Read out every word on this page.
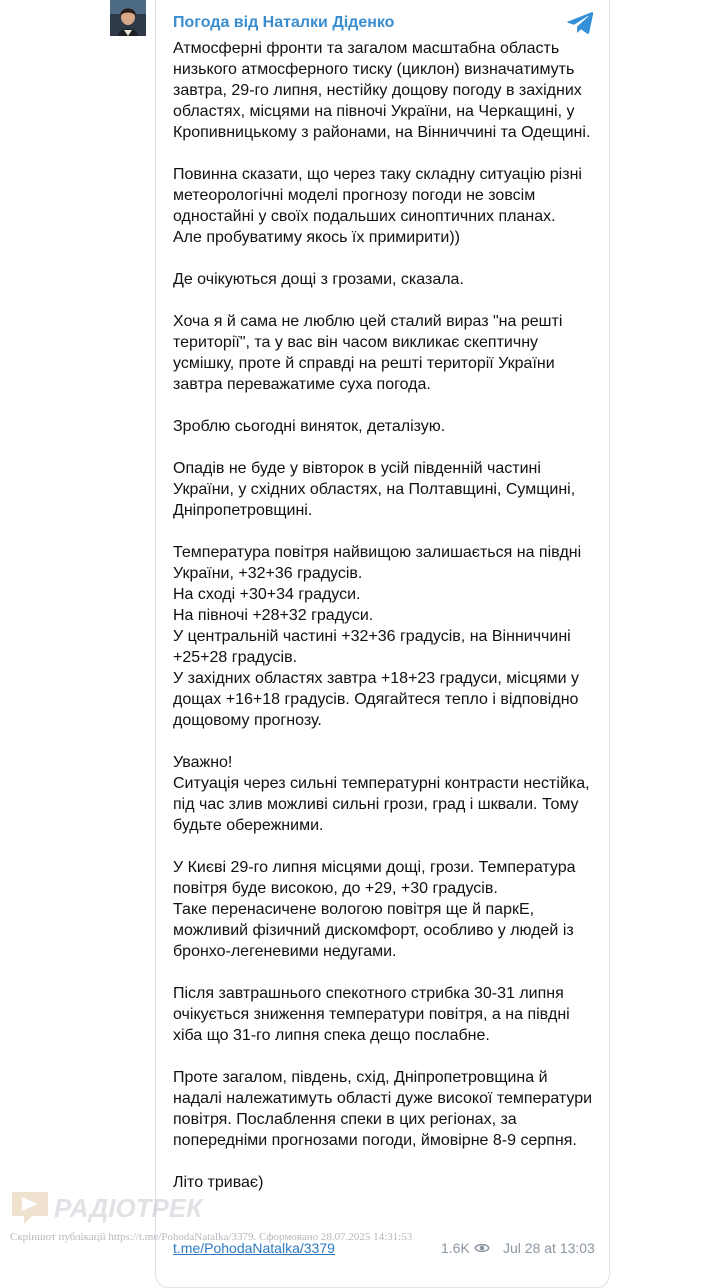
Погода від Наталки Діденко

Атмосферні фронти та загалом масштабна область низького атмосферного тиску (циклон) визначатимуть завтра, 29-го липня, нестійку дощову погоду в західних областях, місцями на півночі України, на Черкащині, у Кропивницькому з районами, на Вінниччині та Одещині.

Повинна сказати, що через таку складну ситуацію різні метеорологічні моделі прогнозу погоди не зовсім одностайні у своїх подальших синоптичних планах.
Але пробуватиму якось їх примирити))

Де очікуються дощі з грозами, сказала.

Хоча я й сама не люблю цей сталий вираз "на решті території", та у вас він часом викликає скептичну усмішку, проте й справді на решті території України завтра переважатиме суха погода.

Зроблю сьогодні виняток, деталізую.

Опадів не буде у вівторок в усій південній частині України, у східних областях, на Полтавщині, Сумщині, Дніпропетровщині.

Температура повітря найвищою залишається на півдні України, +32+36 градусів.
На сході +30+34 градуси.
На півночі +28+32 градуси.
У центральній частині +32+36 градусів, на Вінниччині +25+28 градусів.
У західних областях завтра +18+23 градуси, місцями у дощах +16+18 градусів. Одягайтеся тепло і відповідно дощовому прогнозу.

Уважно!
Ситуація через сильні температурні контрасти нестійка, під час злив можливі сильні грози, град і шквали. Тому будьте обережними.

У Києві 29-го липня місцями дощі, грози. Температура повітря буде високою, до +29, +30 градусів.
Таке перенасичене вологою повітря ще й паркЕ, можливий фізичний дискомфорт, особливо у людей із бронхо-легеневими недугами.

Після завтрашнього спекотного стрибка 30-31 липня очікується зниження температури повітря, а на півдні хіба що 31-го липня спека дещо послабне.

Проте загалом, південь, схід, Дніпропетровщина й надалі належатимуть області дуже високої температури повітря. Послаблення спеки в цих регіонах, за попередніми прогнозами погоди, ймовірне 8-9 серпня.

Літо триває)

t.me/PohodaNatalka/3379	1.6K Jul 28 at 13:03
РАДІОТРЕК
Скріншот публікації https://t.me/PohodaNatalka/3379. Сформовано 28.07.2025 14:31:53
